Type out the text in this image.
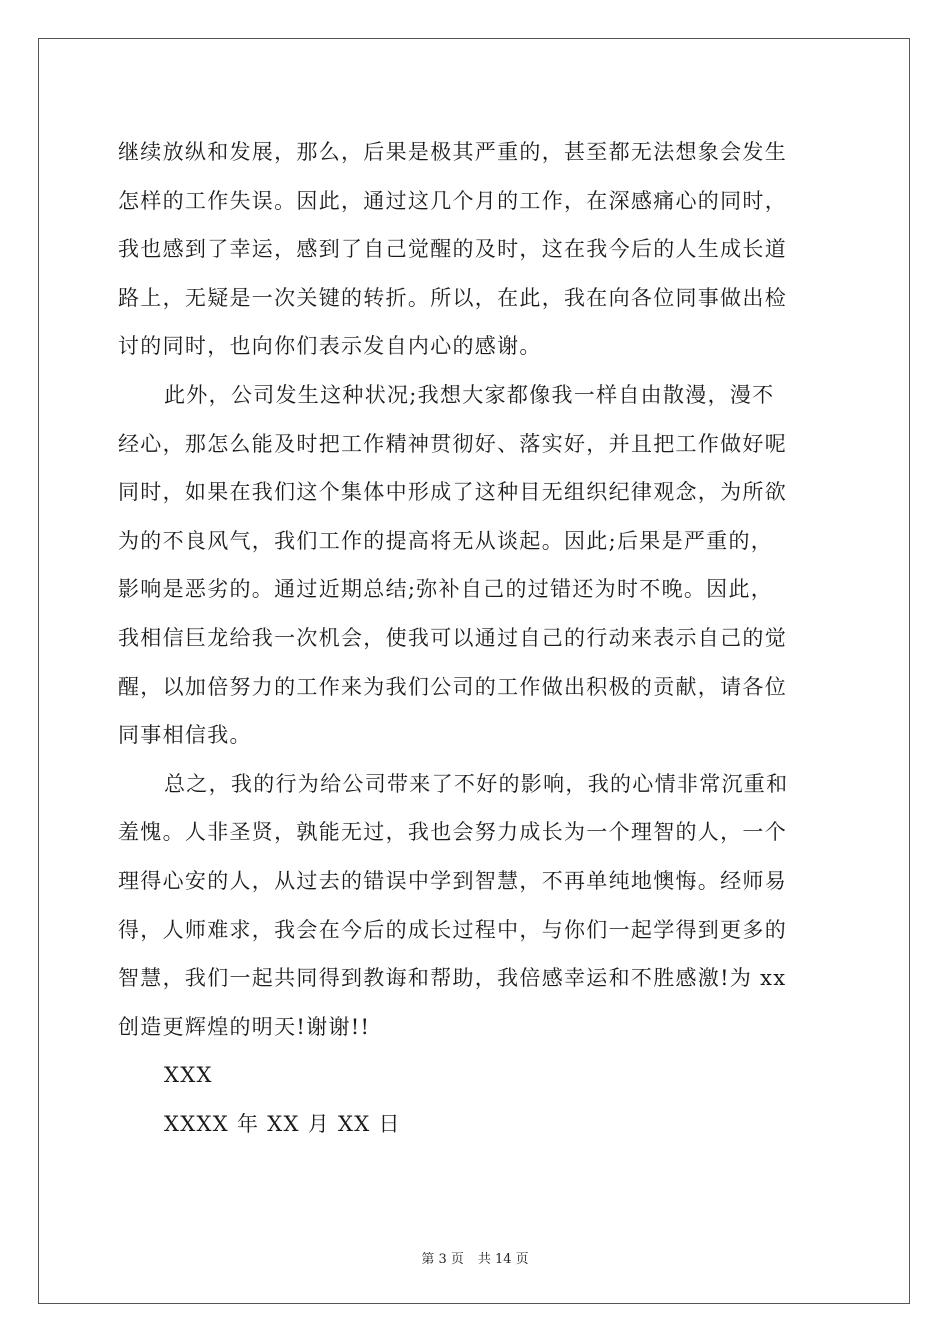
继续放纵和发展，那么，后果是极其严重的，甚至都无法想象会发生
怎样的工作失误。因此，通过这几个月的工作，在深感痛心的同时，
我也感到了幸运，感到了自己觉醒的及时，这在我今后的人生成长道
路上，无疑是一次关键的转折。所以，在此，我在向各位同事做出检
讨的同时，也向你们表示发自内心的感谢。
此外，公司发生这种状况;我想大家都像我一样自由散漫，漫不
经心，那怎么能及时把工作精神贯彻好、落实好，并且把工作做好呢
同时，如果在我们这个集体中形成了这种目无组织纪律观念，为所欲
为的不良风气，我们工作的提高将无从谈起。因此;后果是严重的，
影响是恶劣的。通过近期总结;弥补自己的过错还为时不晚。因此，
我相信巨龙给我一次机会，使我可以通过自己的行动来表示自己的觉
醒，以加倍努力的工作来为我们公司的工作做出积极的贡献，请各位
同事相信我。
总之，我的行为给公司带来了不好的影响，我的心情非常沉重和
羞愧。人非圣贤，孰能无过，我也会努力成长为一个理智的人，一个
理得心安的人，从过去的错误中学到智慧，不再单纯地懊悔。经师易
得，人师难求，我会在今后的成长过程中，与你们一起学得到更多的
智慧，我们一起共同得到教诲和帮助，我倍感幸运和不胜感激!为 xx
创造更辉煌的明天!谢谢!!
XXX
XXXX 年 XX 月 XX 日
第 3 页 共 14 页
